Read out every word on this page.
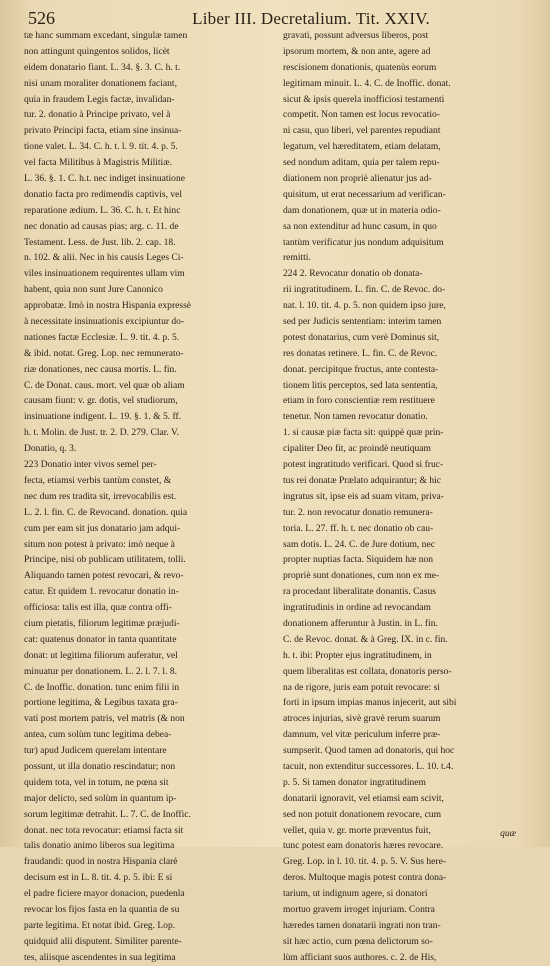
526	Liber III. Decretalium. Tit. XXIV.
tæ hanc summam excedant, singulæ tamen
non attingunt quingentos solidos, licèt
eidem donatario fiant. L. 34. §. 3. C. h. t.
nisi unam moraliter donationem faciant,
quia in fraudem Legis factæ, invalidan-
tur. 2. donatio à Principe privato, vel à
privato Principi facta, etiam sine insinua-
tione valet. L. 34. C. h. t. l. 9. tit. 4. p. 5.
vel facta Militibus à Magistris Militiæ.
L. 36. §. 1. C. h.t. nec indiget insinuatione
donatio facta pro redimendis captivis, vel
reparatione ædium. L. 36. C. h. t. Et hinc
nec donatio ad causas pias; arg. c. 11. de
Testament. Less. de Just. lib. 2. cap. 18.
n. 102. & alii. Nec in his causis Leges Ci-
viles insinuationem requirentes ullam vim
habent, quia non sunt Jure Canonico
approbatæ. Imò in nostra Hispania expressè
à necessitate insinuationis excipiuntur do-
nationes factæ Ecclesiæ. L. 9. tit. 4. p. 5.
& ibid. notat. Greg. Lop. nec remunerato-
riæ donationes, nec causa mortis. L. fin.
C. de Donat. caus. mort. vel quæ ob aliam
causam fiunt: v. gr. dotis, vel studiorum,
insinuatione indigent. L. 19. §. 1. & 5. ff.
h. t. Molin. de Just. tr. 2. D. 279. Clar. V.
Donatio, q. 3.
223 Donatio inter vivos semel per-
fecta, etiamsi verbis tantùm constet, &
nec dum res tradita sit, irrevocabilis est.
L. 2. l. fin. C. de Revocand. donation. quia
cum per eam sit jus donatario jam adqui-
situm non potest à privato: imò neque à
Principe, nisi ob publicam utilitatem, tolli.
Aliquando tamen potest revocari, & revo-
catur. Et quidem 1. revocatur donatio in-
officiosa: talis est illa, quæ contra offi-
cium pietatis, filiorum legitimæ præjudi-
cat: quatenus donator in tanta quantitate
donat: ut legitima filiorum auferatur, vel
minuatur per donationem. L. 2. l. 7. l. 8.
C. de Inoffic. donation. tunc enim filii in
portione legitima, & Legibus taxata gra-
vati post mortem patris, vel matris (& non
antea, cum solùm tunc legitima debea-
tur) apud Judicem querelam intentare
possunt, ut illa donatio rescindatur; non
quidem tota, vel in totum, ne pœna sit
major delicto, sed solùm in quantum ip-
sorum legitimæ detrahit. L. 7. C. de Inoffic.
donat. nec tota revocatur: etiamsi facta sit
talis donatio animo liberos sua legitima
fraudandi: quod in nostra Hispania clarè
decisum est in L. 8. tit. 4. p. 5. ibi: E si
el padre ficiere mayor donacion, puedenla
revocar los fijos fasta en la quantia de su
parte legitima. Et notat ibid. Greg. Lop.
quidquid alii disputent. Similiter parente-
tes, aliisque ascendentes in sua legitima
gravati, possunt adversus liberos, post
ipsorum mortem, & non ante, agere ad
rescisionem donationis, quatenùs eorum
legitimam minuit. L. 4. C. de Inoffic. donat.
sicut & ipsis querela inofficiosi testamenti
competit. Non tamen est locus revocatio-
ni casu, quo liberi, vel parentes repudiant
legatum, vel hæreditatem, etiam delatam,
sed nondum aditam, quia per talem repu-
diationem non propriè alienatur jus ad-
quisitum, ut erat necessarium ad verifican-
dam donationem, quæ ut in materia odio-
sa non extenditur ad hunc casum, in quo
tantùm verificatur jus nondum adquisitum
remitti.
224 2. Revocatur donatio ob donata-
rii ingratitudinem. L. fin. C. de Revoc. do-
nat. l. 10. tit. 4. p. 5. non quidem ipso jure,
sed per Judicis sententiam: interim tamen
potest donatarius, cum verè Dominus sit,
res donatas retinere. L. fin. C. de Revoc.
donat. percipitque fructus, ante contesta-
tionem litis perceptos, sed lata sententia,
etiam in foro conscientiæ rem restituere
tenetur. Non tamen revocatur donatio.
1. si causæ piæ facta sit: quippè quæ prin-
cipaliter Deo fit, ac proindè neutiquam
potest ingratitudo verificari. Quod si fruc-
tus rei donatæ Prælato adquirantur; & hic
ingratus sit, ipse eis ad suam vitam, priva-
tur. 2. non revocatur donatio remunera-
toria. L. 27. ff. h. t. nec donatio ob cau-
sam dotis. L. 24. C. de Jure dotium, nec
propter nuptias facta. Siquidem hæ non
propriè sunt donationes, cum non ex me-
ra procedant liberalitate donantis. Casus
ingratitudinis in ordine ad revocandam
donationem afferuntur à Justin. in L. fin.
C. de Revoc. donat. & à Greg. IX. in c. fin.
h. t. ibi: Propter ejus ingratitudinem, in
quem liberalitas est collata, donatoris perso-
na de rigore, juris eam potuit revocare: si
forti in ipsum impias manus injecerit, aut sibi
atroces injurias, sivè gravè rerum suarum
damnum, vel vitæ periculum inferre præ-
sumpserit. Quod tamen ad donatoris, qui hoc
tacuit, non extenditur successores. L. 10. t.4.
p. 5. Si tamen donator ingratitudinem
donatarii ignoravit, vel etiamsi eam scivit,
sed non potuit donationem revocare, cum
vellet, quia v. gr. morte præventus fuit,
tunc potest eam donatoris hæres revocare.
Greg. Lop. in l. 10. tit. 4. p. 5. V. Sus here-
deros. Multoque magis potest contra dona-
tarium, ut indignum agere, si donatori
mortuo gravem irroget injuriam. Contra
hæredes tamen donatarii ingrati non tran-
sit hæc actio, cum pœna delictorum so-
lùm afficiant suos authores. c. 2. de His,
quæ
